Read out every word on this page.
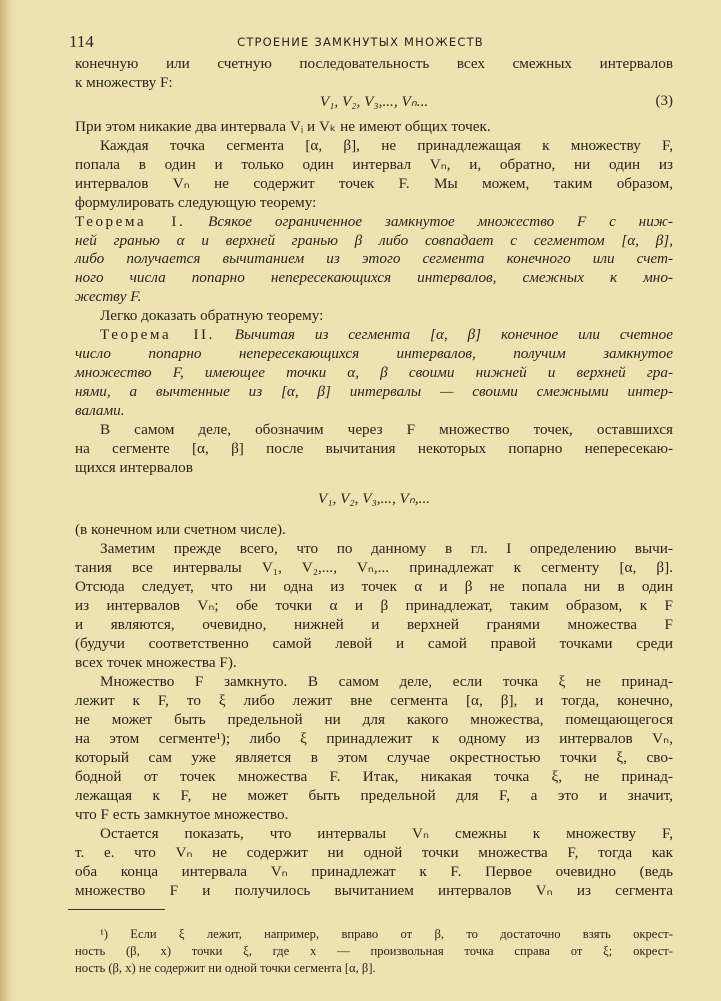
114	СТРОЕНИЕ ЗАМКНУТЫХ МНОЖЕСТВ
конечную или счетную последовательность всех смежных интервалов
к множеству F:
V₁, V₂, V₃,..., Vₙ...	(3)
При этом никакие два интервала Vᵢ и Vₖ не имеют общих точек.
Каждая точка сегмента [α, β], не принадлежащая к множеству F,
попала в один и только один интервал Vₙ, и, обратно, ни один из
интервалов Vₙ не содержит точек F. Мы можем, таким образом,
формулировать следующую теорему:
Теорема I. Всякое ограниченное замкнутое множество F с ниж-
ней гранью α и верхней гранью β либо совпадает с сегментом [α, β],
либо получается вычитанием из этого сегмента конечного или счет-
ного числа попарно непересекающихся интервалов, смежных к мно-
жеству F.
Легко доказать обратную теорему:
Теорема II. Вычитая из сегмента [α, β] конечное или счетное
число попарно непересекающихся интервалов, получим замкнутое
множество F, имеющее точки α, β своими нижней и верхней гра-
нями, а вычтенные из [α, β] интервалы — своими смежными интер-
валами.
В самом деле, обозначим через F множество точек, оставшихся
на сегменте [α, β] после вычитания некоторых попарно непересекаю-
щихся интервалов
V₁, V₂, V₃,..., Vₙ,...
(в конечном или счетном числе).
Заметим прежде всего, что по данному в гл. I определению вычи-
тания все интервалы V₁, V₂,..., Vₙ,... принадлежат к сегменту [α, β].
Отсюда следует, что ни одна из точек α и β не попала ни в один
из интервалов Vₙ; обе точки α и β принадлежат, таким образом, к F
и являются, очевидно, нижней и верхней гранями множества F
(будучи соответственно самой левой и самой правой точками среди
всех точек множества F).
Множество F замкнуто. В самом деле, если точка ξ не принад-
лежит к F, то ξ либо лежит вне сегмента [α, β], и тогда, конечно,
не может быть предельной ни для какого множества, помещающегося
на этом сегменте¹); либо ξ принадлежит к одному из интервалов Vₙ,
который сам уже является в этом случае окрестностью точки ξ, сво-
бодной от точек множества F. Итак, никакая точка ξ, не принад-
лежащая к F, не может быть предельной для F, а это и значит,
что F есть замкнутое множество.
Остается показать, что интервалы Vₙ смежны к множеству F,
т. е. что Vₙ не содержит ни одной точки множества F, тогда как
оба конца интервала Vₙ принадлежат к F. Первое очевидно (ведь
множество F и получилось вычитанием интервалов Vₙ из сегмента
¹) Если ξ лежит, например, вправо от β, то достаточно взять окрест-
ность (β, x) точки ξ, где x — произвольная точка справа от ξ; окрест-
ность (β, x) не содержит ни одной точки сегмента [α, β].
